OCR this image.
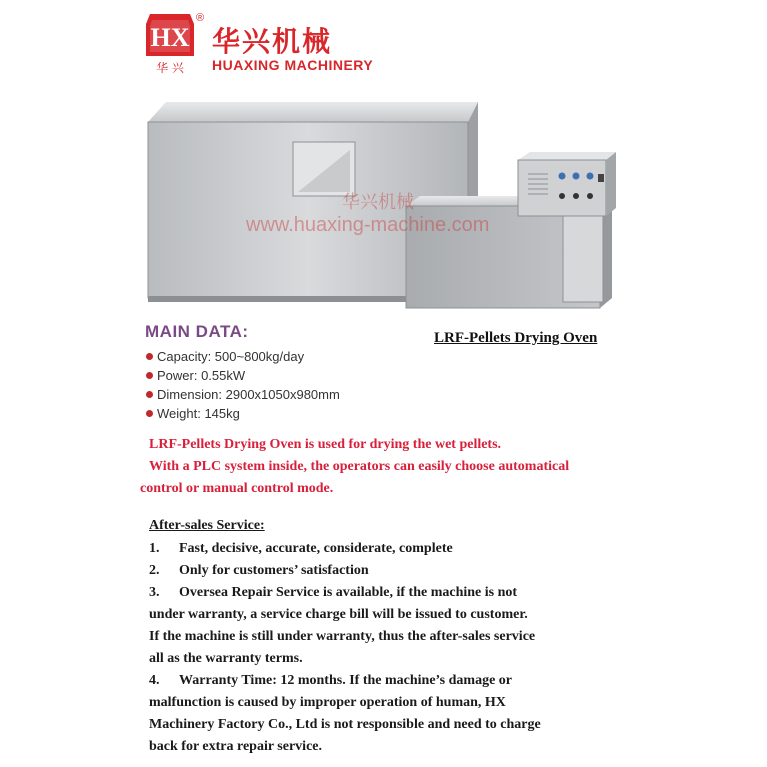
HX
华 兴
®
华兴机械
HUAXING MACHINERY
华兴机械
www.huaxing-machine.com
MAIN DATA:	LRF-Pellets Drying Oven
Capacity: 500~800kg/day
Power: 0.55kW
Dimension: 2900x1050x980mm
Weight: 145kg
LRF-Pellets Drying Oven is used for drying the wet pellets.
With a PLC system inside, the operators can easily choose automatical
control or manual control mode.
After-sales Service:
1. Fast, decisive, accurate, considerate, complete
2. Only for customers’ satisfaction
3. Oversea Repair Service is available, if the machine is not
under warranty, a service charge bill will be issued to customer.
If the machine is still under warranty, thus the after-sales service
all as the warranty terms.
4. Warranty Time: 12 months. If the machine’s damage or
malfunction is caused by improper operation of human, HX
Machinery Factory Co., Ltd is not responsible and need to charge
back for extra repair service.
